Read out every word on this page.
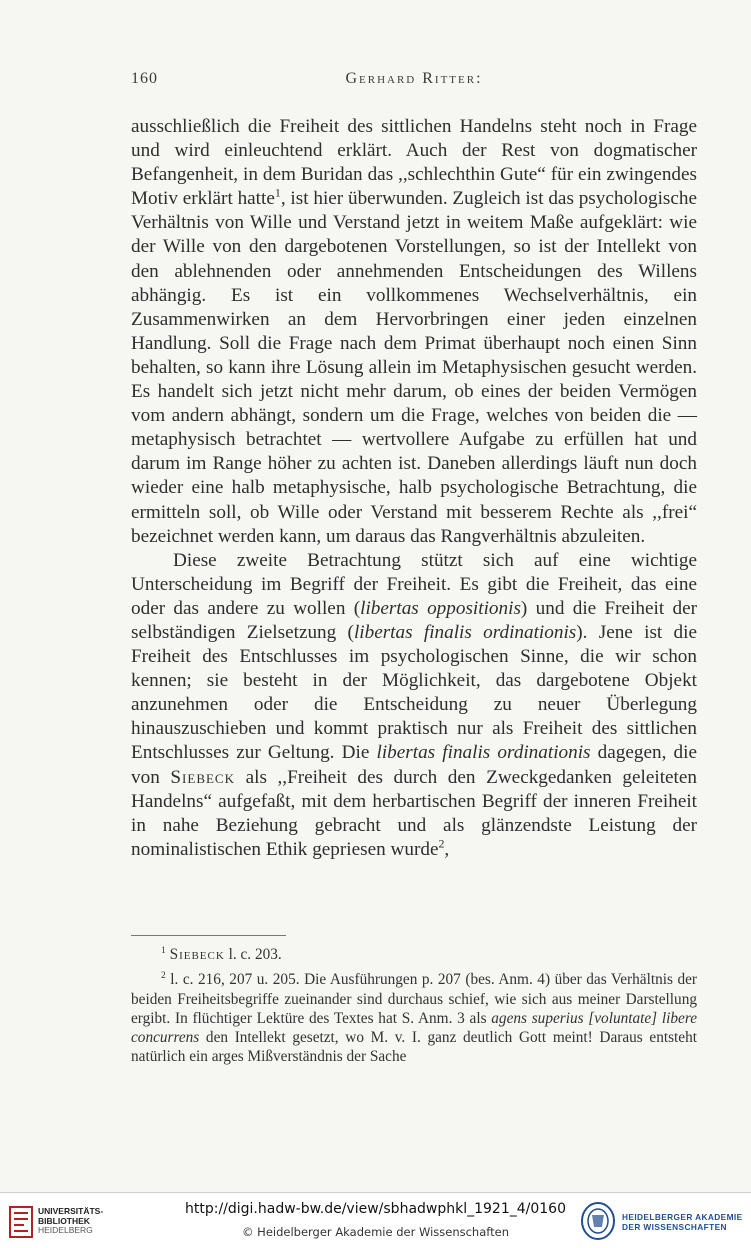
160	Gerhard Ritter:

ausschließlich die Freiheit des sittlichen Handelns steht noch in Frage und wird einleuchtend erklärt. Auch der Rest von dogmatischer Befangenheit, in dem Buridan das ,,schlechthin Gute“ für ein zwingendes Motiv erklärt hatte$^1$, ist hier überwunden. Zugleich ist das psychologische Verhältnis von Wille und Verstand jetzt in weitem Maße aufgeklärt: wie der Wille von den dargebotenen Vorstellungen, so ist der Intellekt von den ablehnenden oder annehmenden Entscheidungen des Willens abhängig. Es ist ein vollkommenes Wechselverhältnis, ein Zusammenwirken an dem Hervorbringen einer jeden einzelnen Handlung. Soll die Frage nach dem Primat überhaupt noch einen Sinn behalten, so kann ihre Lösung allein im Metaphysischen gesucht werden. Es handelt sich jetzt nicht mehr darum, ob eines der beiden Vermögen vom andern abhängt, sondern um die Frage, welches von beiden die — metaphysisch betrachtet — wertvollere Aufgabe zu erfüllen hat und darum im Range höher zu achten ist. Daneben allerdings läuft nun doch wieder eine halb metaphysische, halb psychologische Betrachtung, die ermitteln soll, ob Wille oder Verstand mit besserem Rechte als ,,frei“ bezeichnet werden kann, um daraus das Rangverhältnis abzuleiten.

Diese zweite Betrachtung stützt sich auf eine wichtige Unterscheidung im Begriff der Freiheit. Es gibt die Freiheit, das eine oder das andere zu wollen (libertas oppositionis) und die Freiheit der selbständigen Zielsetzung (libertas finalis ordinationis). Jene ist die Freiheit des Entschlusses im psychologischen Sinne, die wir schon kennen; sie besteht in der Möglichkeit, das dargebotene Objekt anzunehmen oder die Entscheidung zu neuer Überlegung hinauszuschieben und kommt praktisch nur als Freiheit des sittlichen Entschlusses zur Geltung. Die libertas finalis ordinationis dagegen, die von Siebeck als ,,Freiheit des durch den Zweckgedanken geleiteten Handelns“ aufgefaßt, mit dem herbartischen Begriff der inneren Freiheit in nahe Beziehung gebracht und als glänzendste Leistung der nominalistischen Ethik gepriesen wurde$^2$,

$^1$ Siebeck l. c. 203.

$^2$ l. c. 216, 207 u. 205. Die Ausführungen p. 207 (bes. Anm. 4) über das Verhältnis der beiden Freiheitsbegriffe zueinander sind durchaus schief, wie sich aus meiner Darstellung ergibt. In flüchtiger Lektüre des Textes hat S. Anm. 3 als agens superius [voluntate] libere concurrens den Intellekt gesetzt, wo M. v. I. ganz deutlich Gott meint! Daraus entsteht natürlich ein arges Mißverständnis der Sache

UNIVERSITÄTS-
BIBLIOTHEK
HEIDELBERG
http://digi.hadw-bw.de/view/sbhadwphkl_1921_4/0160
© Heidelberger Akademie der Wissenschaften
HEIDELBERGER AKADEMIE
DER WISSENSCHAFTEN
